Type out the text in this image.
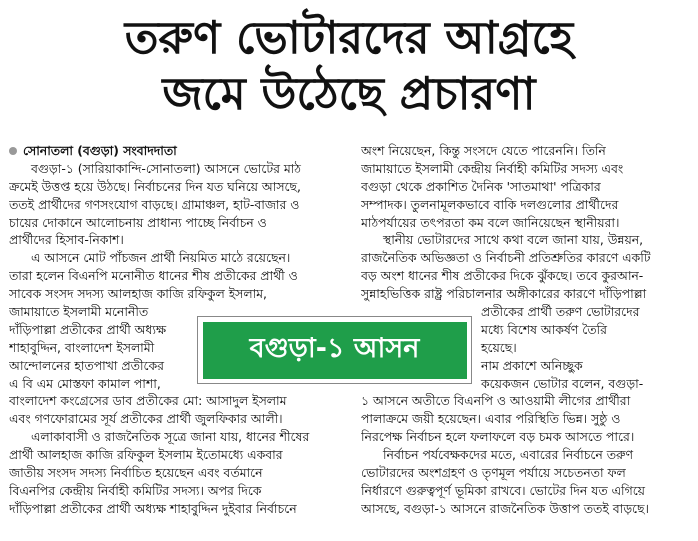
তরুণ ভোটারদের আগ্রহে
জমে উঠেছে প্রচারণা
সোনাতলা (বগুড়া) সংবাদদাতা
বগুড়া-১ (সারিয়াকান্দি-সোনাতলা) আসনে ভোটের মাঠ
ক্রমেই উত্তপ্ত হয়ে উঠছে। নির্বাচনের দিন যত ঘনিয়ে আসছে,
ততই প্রার্থীদের গণসংযোগ বাড়ছে। গ্রামাঞ্চল, হাট-বাজার ও
চায়ের দোকানে আলোচনায় প্রাধান্য পাচ্ছে নির্বাচন ও
প্রার্থীদের হিসাব-নিকাশ।
এ আসনে মোট পাঁচজন প্রার্থী নিয়মিত মাঠে রয়েছেন।
তারা হলেন বিএনপি মনোনীত ধানের শীষ প্রতীকের প্রার্থী ও
সাবেক সংসদ সদস্য আলহাজ কাজি রফিকুল ইসলাম,
জামায়াতে ইসলামী মনোনীত
দাঁড়িপাল্লা প্রতীকের প্রার্থী অধ্যক্ষ
শাহাবুদ্দিন, বাংলাদেশ ইসলামী
আন্দোলনের হাতপাখা প্রতীকের
এ বি এম মোস্তফা কামাল পাশা,
বাংলাদেশ কংগ্রেসের ডাব প্রতীকের মো: আসাদুল ইসলাম
এবং গণফোরামের সূর্য প্রতীকের প্রার্থী জুলফিকার আলী।
এলাকাবাসী ও রাজনৈতিক সূত্রে জানা যায়, ধানের শীষের
প্রার্থী আলহাজ কাজি রফিকুল ইসলাম ইতোমধ্যে একবার
জাতীয় সংসদ সদস্য নির্বাচিত হয়েছেন এবং বর্তমানে
বিএনপির কেন্দ্রীয় নির্বাহী কমিটির সদস্য। অপর দিকে
দাঁড়িপাল্লা প্রতীকের প্রার্থী অধ্যক্ষ শাহাবুদ্দিন দুইবার নির্বাচনে
অংশ নিয়েছেন, কিন্তু সংসদে যেতে পারেননি। তিনি
জামায়াতে ইসলামী কেন্দ্রীয় নির্বাহী কমিটির সদস্য এবং
বগুড়া থেকে প্রকাশিত দৈনিক 'সাতমাথা' পত্রিকার
সম্পাদক। তুলনামূলকভাবে বাকি দলগুলোর প্রার্থীদের
মাঠপর্যায়ের তৎপরতা কম বলে জানিয়েছেন স্থানীয়রা।
স্থানীয় ভোটারদের সাথে কথা বলে জানা যায়, উন্নয়ন,
রাজনৈতিক অভিজ্ঞতা ও নির্বাচনী প্রতিশ্রুতির কারণে একটি
বড় অংশ ধানের শীষ প্রতীকের দিকে ঝুঁকছে। তবে কুরআন-
সুন্নাহভিত্তিক রাষ্ট্র পরিচালনার অঙ্গীকারের কারণে দাঁড়িপাল্লা
প্রতীকের প্রার্থী তরুণ ভোটারদের
মধ্যে বিশেষ আকর্ষণ তৈরি
হয়েছে।
নাম প্রকাশে অনিচ্ছুক
কয়েকজন ভোটার বলেন, বগুড়া-
১ আসনে অতীতে বিএনপি ও আওয়ামী লীগের প্রার্থীরা
পালাক্রমে জয়ী হয়েছেন। এবার পরিস্থিতি ভিন্ন। সুষ্ঠু ও
নিরপেক্ষ নির্বাচন হলে ফলাফলে বড় চমক আসতে পারে।
নির্বাচন পর্যবেক্ষকদের মতে, এবারের নির্বাচনে তরুণ
ভোটারদের অংশগ্রহণ ও তৃণমূল পর্যায়ে সচেতনতা ফল
নির্ধারণে গুরুত্বপূর্ণ ভূমিকা রাখবে। ভোটের দিন যত এগিয়ে
আসছে, বগুড়া-১ আসনে রাজনৈতিক উত্তাপ ততই বাড়ছে।
বগুড়া-১ আসন
